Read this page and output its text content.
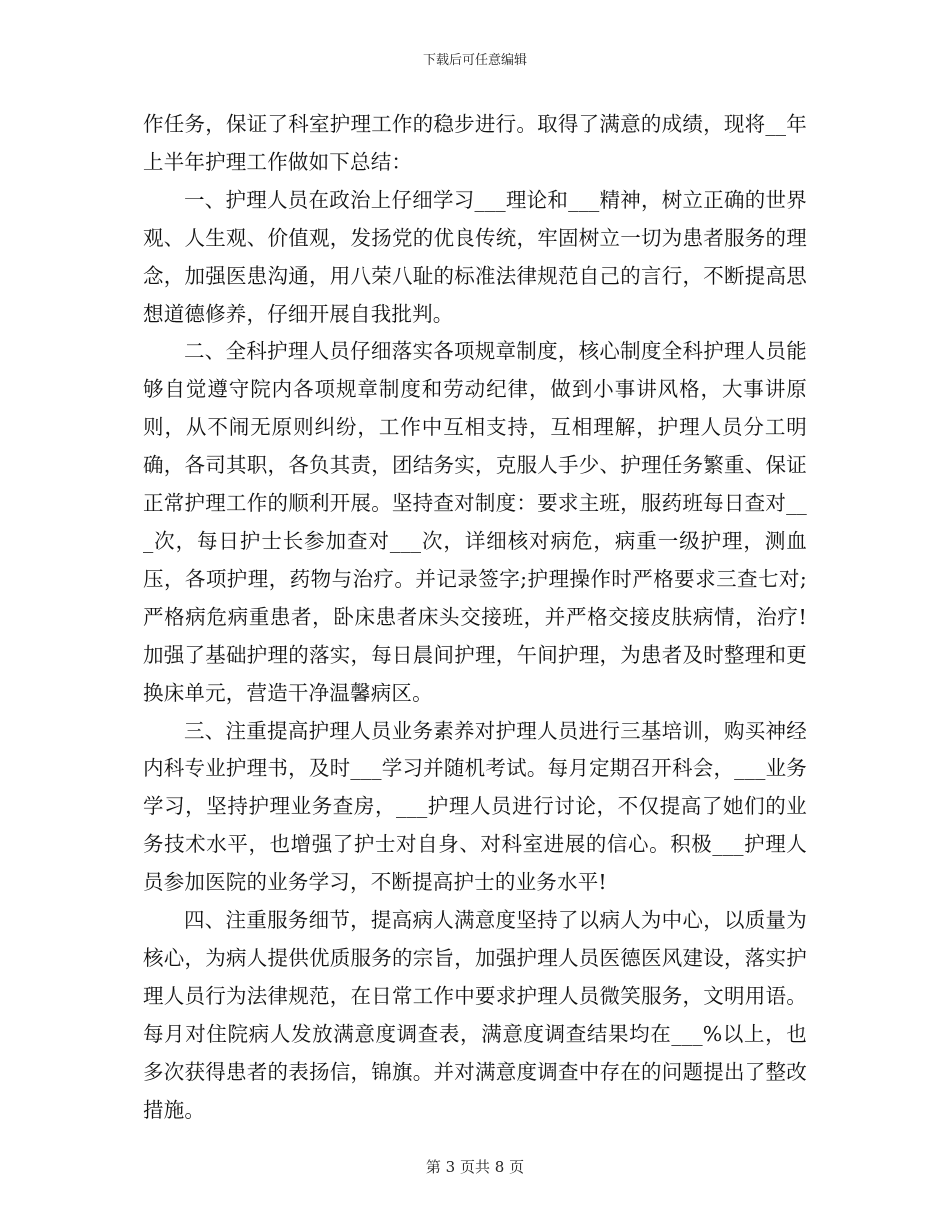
下载后可任意编辑

作任务，保证了科室护理工作的稳步进行。取得了满意的成绩，现将__年上半年护理工作做如下总结：

一、护理人员在政治上仔细学习___理论和___精神，树立正确的世界观、人生观、价值观，发扬党的优良传统，牢固树立一切为患者服务的理念，加强医患沟通，用八荣八耻的标准法律规范自己的言行，不断提高思想道德修养，仔细开展自我批判。

二、全科护理人员仔细落实各项规章制度，核心制度全科护理人员能够自觉遵守院内各项规章制度和劳动纪律，做到小事讲风格，大事讲原则，从不闹无原则纠纷，工作中互相支持，互相理解，护理人员分工明确，各司其职，各负其责，团结务实，克服人手少、护理任务繁重、保证正常护理工作的顺利开展。坚持查对制度：要求主班，服药班每日查对___次，每日护士长参加查对___次，详细核对病危，病重一级护理，测血压，各项护理，药物与治疗。并记录签字;护理操作时严格要求三查七对;严格病危病重患者，卧床患者床头交接班，并严格交接皮肤病情，治疗!加强了基础护理的落实，每日晨间护理，午间护理，为患者及时整理和更换床单元，营造干净温馨病区。

三、注重提高护理人员业务素养对护理人员进行三基培训，购买神经内科专业护理书，及时___学习并随机考试。每月定期召开科会，___业务学习，坚持护理业务查房，___护理人员进行讨论，不仅提高了她们的业务技术水平，也增强了护士对自身、对科室进展的信心。积极___护理人员参加医院的业务学习，不断提高护士的业务水平!

四、注重服务细节，提高病人满意度坚持了以病人为中心，以质量为核心，为病人提供优质服务的宗旨，加强护理人员医德医风建设，落实护理人员行为法律规范，在日常工作中要求护理人员微笑服务，文明用语。每月对住院病人发放满意度调查表，满意度调查结果均在___%以上，也多次获得患者的表扬信，锦旗。并对满意度调查中存在的问题提出了整改措施。

第 3 页共 8 页
